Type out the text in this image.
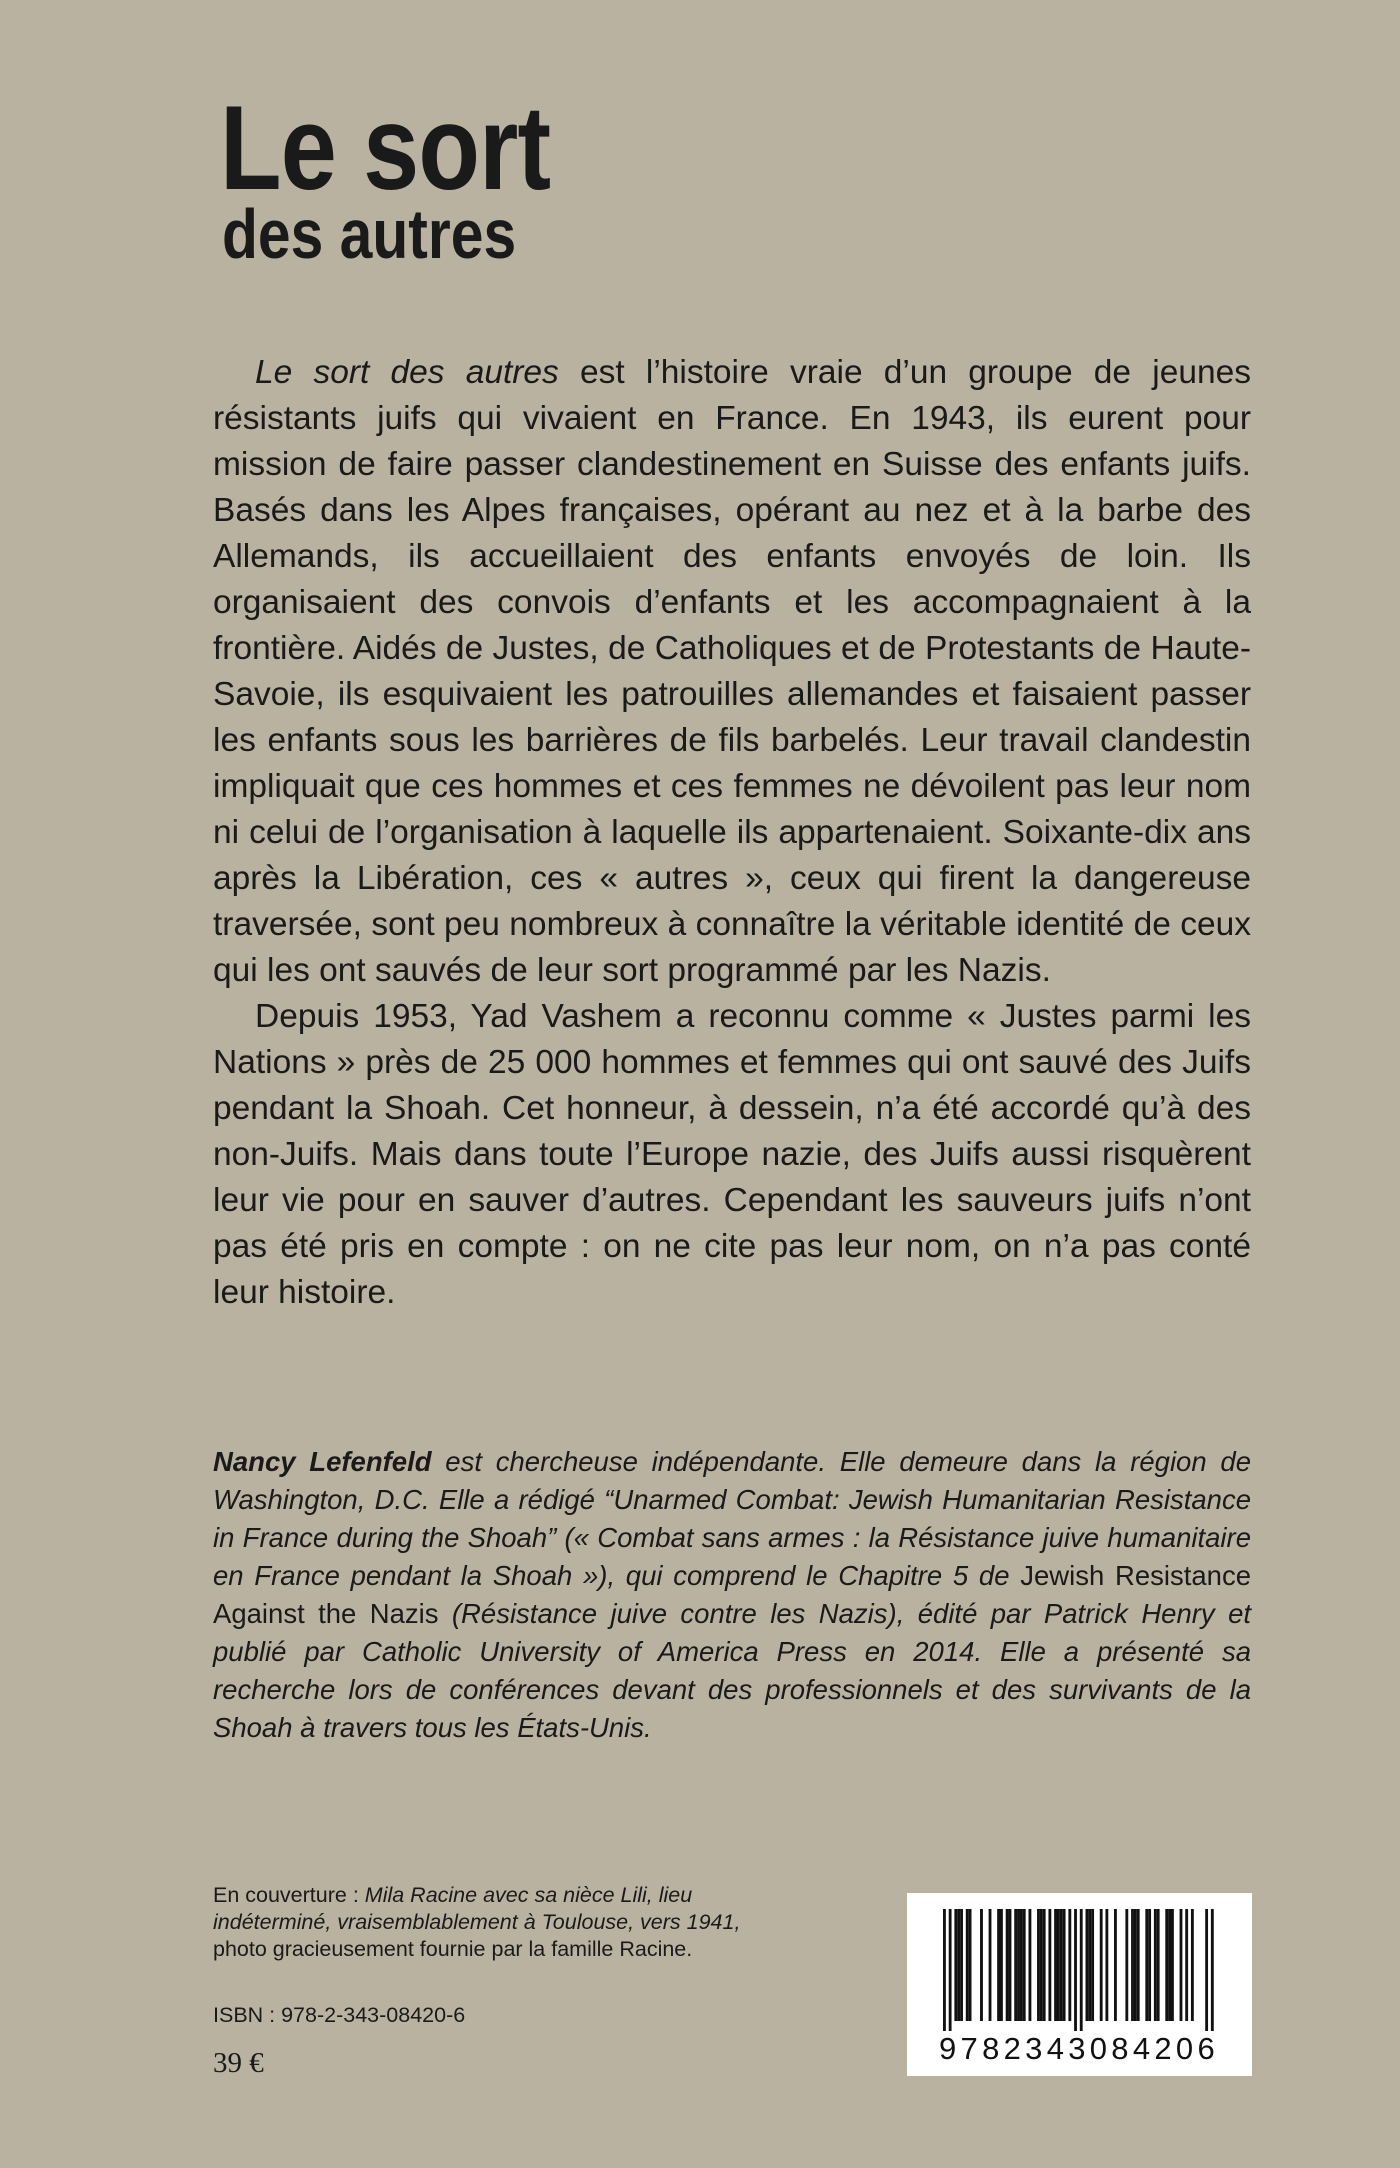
Le sort
des autres

Le sort des autres est l’histoire vraie d’un groupe de jeunes résistants juifs qui vivaient en France. En 1943, ils eurent pour mission de faire passer clandestinement en Suisse des enfants juifs. Basés dans les Alpes françaises, opérant au nez et à la barbe des Allemands, ils accueillaient des enfants envoyés de loin. Ils organisaient des convois d’enfants et les accompagnaient à la frontière. Aidés de Justes, de Catholiques et de Protestants de Haute-Savoie, ils esquivaient les patrouilles allemandes et faisaient passer les enfants sous les barrières de fils barbelés. Leur travail clandestin impliquait que ces hommes et ces femmes ne dévoilent pas leur nom ni celui de l’organisation à laquelle ils appartenaient. Soixante-dix ans après la Libération, ces « autres », ceux qui firent la dangereuse traversée, sont peu nombreux à connaître la véritable identité de ceux qui les ont sauvés de leur sort programmé par les Nazis.

Depuis 1953, Yad Vashem a reconnu comme « Justes parmi les Nations » près de 25 000 hommes et femmes qui ont sauvé des Juifs pendant la Shoah. Cet honneur, à dessein, n’a été accordé qu’à des non-Juifs. Mais dans toute l’Europe nazie, des Juifs aussi risquèrent leur vie pour en sauver d’autres. Cependant les sauveurs juifs n’ont pas été pris en compte : on ne cite pas leur nom, on n’a pas conté leur histoire.

Nancy Lefenfeld est chercheuse indépendante. Elle demeure dans la région de Washington, D.C. Elle a rédigé “Unarmed Combat: Jewish Humanitarian Resistance in France during the Shoah” (« Combat sans armes : la Résistance juive humanitaire en France pendant la Shoah »), qui comprend le Chapitre 5 de Jewish Resistance Against the Nazis (Résistance juive contre les Nazis), édité par Patrick Henry et publié par Catholic University of America Press en 2014. Elle a présenté sa recherche lors de conférences devant des professionnels et des survivants de la Shoah à travers tous les États-Unis.
En couverture : Mila Racine avec sa nièce Lili, lieu indéterminé, vraisemblablement à Toulouse, vers 1941,
photo gracieusement fournie par la famille Racine.
ISBN : 978-2-343-08420-6
39 €	9782343084206
